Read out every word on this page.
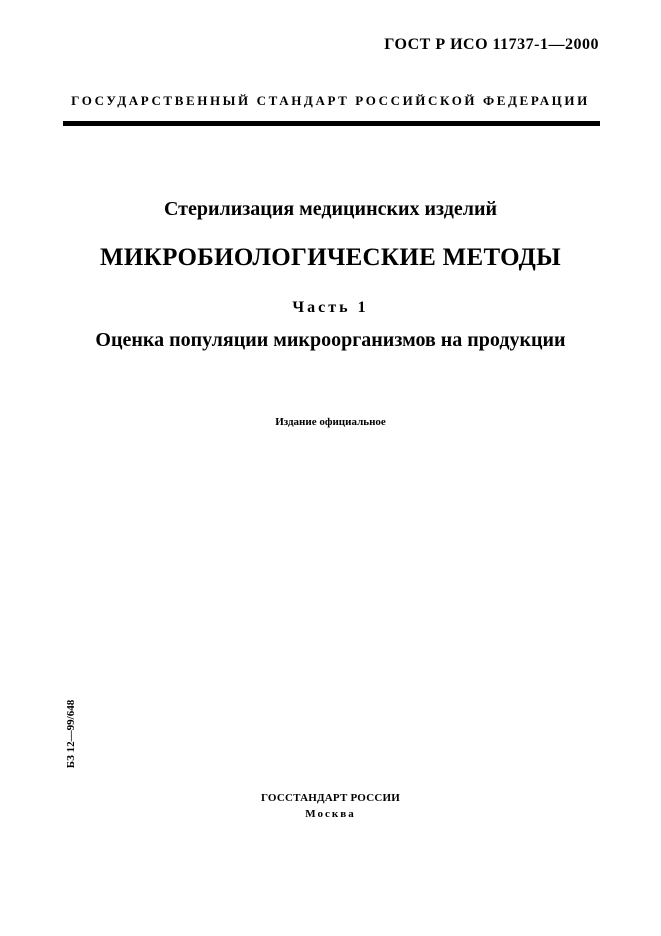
ГОСТ Р ИСО 11737-1—2000
ГОСУДАРСТВЕННЫЙ СТАНДАРТ РОССИЙСКОЙ ФЕДЕРАЦИИ
Стерилизация медицинских изделий
МИКРОБИОЛОГИЧЕСКИЕ МЕТОДЫ
Часть 1
Оценка популяции микроорганизмов на продукции
Издание официальное
БЗ 12—99/648
ГОССТАНДАРТ РОССИИ
Москва
